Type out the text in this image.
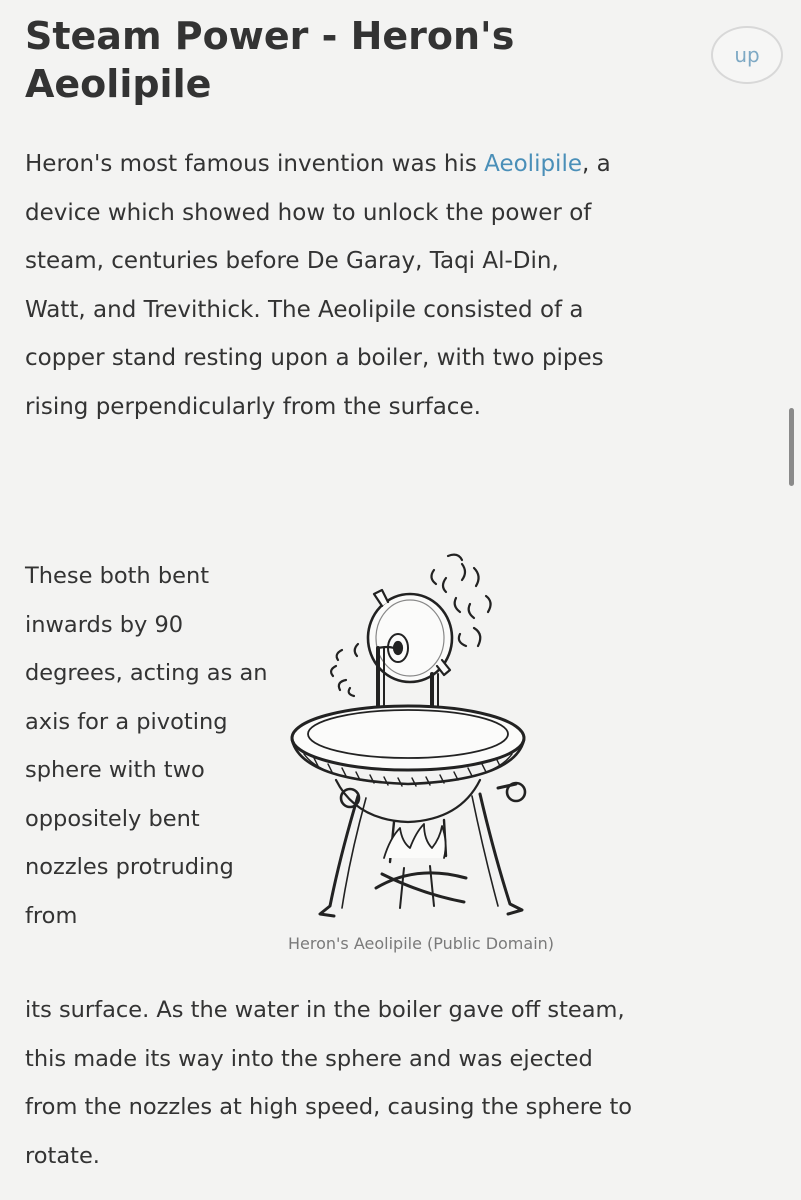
Steam Power - Heron's Aeolipile
up

Heron's most famous invention was his Aeolipile, a device which showed how to unlock the power of steam, centuries before De Garay, Taqi Al-Din, Watt, and Trevithick. The Aeolipile consisted of a copper stand resting upon a boiler, with two pipes rising perpendicularly from the surface.

These both bent inwards by 90 degrees, acting as an axis for a pivoting sphere with two oppositely bent nozzles protruding from

Heron's Aeolipile (Public Domain)

its surface. As the water in the boiler gave off steam, this made its way into the sphere and was ejected from the nozzles at high speed, causing the sphere to rotate.
